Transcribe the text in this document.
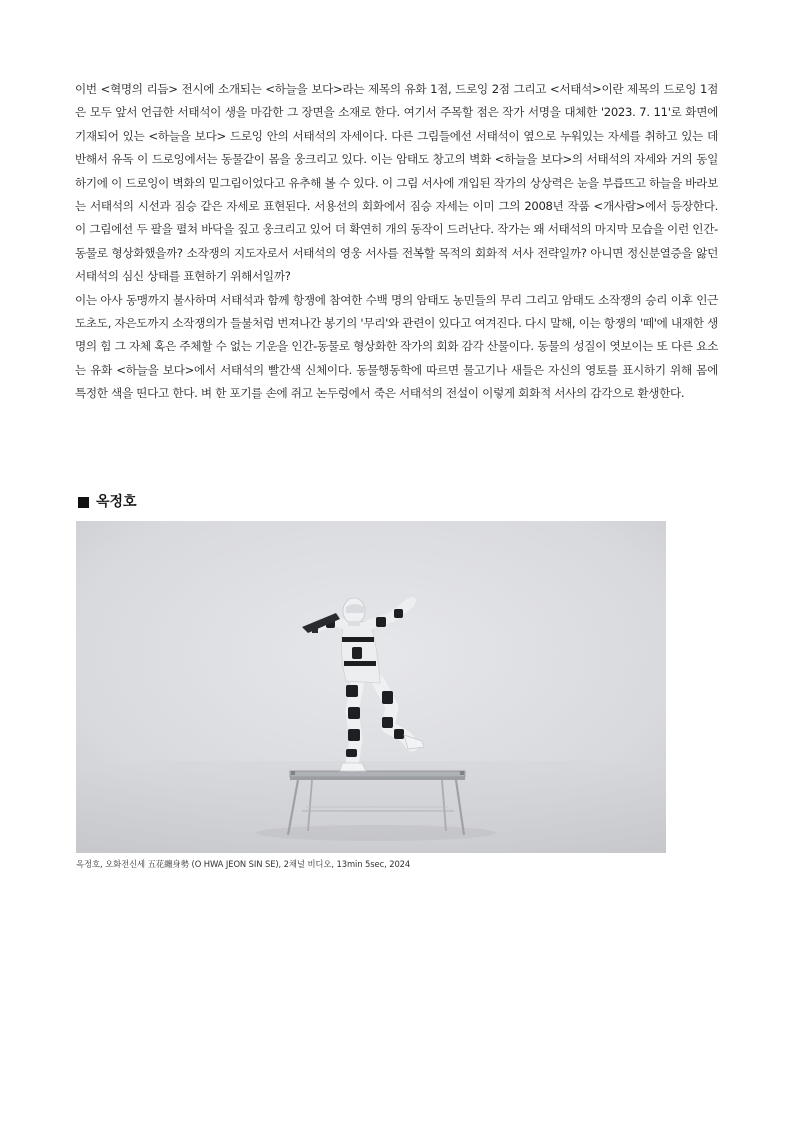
이번 <혁명의 리듬> 전시에 소개되는 <하늘을 보다>라는 제목의 유화 1점, 드로잉 2점 그리고 <서태석>이란 제목의 드로잉 1점은 모두 앞서 언급한 서태석이 생을 마감한 그 장면을 소재로 한다. 여기서 주목할 점은 작가 서명을 대체한 '2023. 7. 11'로 화면에 기재되어 있는 <하늘을 보다> 드로잉 안의 서태석의 자세이다. 다른 그림들에선 서태석이 옆으로 누워있는 자세를 취하고 있는 데 반해서 유독 이 드로잉에서는 동물같이 몸을 웅크리고 있다. 이는 암태도 창고의 벽화 <하늘을 보다>의 서태석의 자세와 거의 동일하기에 이 드로잉이 벽화의 밑그림이었다고 유추해 볼 수 있다. 이 그림 서사에 개입된 작가의 상상력은 눈을 부릅뜨고 하늘을 바라보는 서태석의 시선과 짐승 같은 자세로 표현된다. 서용선의 회화에서 짐승 자세는 이미 그의 2008년 작품 <개사람>에서 등장한다. 이 그림에선 두 팔을 펼쳐 바닥을 짚고 웅크리고 있어 더 확연히 개의 동작이 드러난다. 작가는 왜 서태석의 마지막 모습을 이런 인간-동물로 형상화했을까? 소작쟁의 지도자로서 서태석의 영웅 서사를 전복할 목적의 회화적 서사 전략일까? 아니면 정신분열증을 앓던 서태석의 심신 상태를 표현하기 위해서일까?

이는 아사 동맹까지 불사하며 서태석과 함께 항쟁에 참여한 수백 명의 암태도 농민들의 무리 그리고 암태도 소작쟁의 승리 이후 인근 도초도, 자은도까지 소작쟁의가 들불처럼 번져나간 봉기의 '무리'와 관련이 있다고 여겨진다. 다시 말해, 이는 항쟁의 '떼'에 내재한 생명의 힘 그 자체 혹은 주체할 수 없는 기운을 인간-동물로 형상화한 작가의 회화 감각 산물이다. 동물의 성질이 엿보이는 또 다른 요소는 유화 <하늘을 보다>에서 서태석의 빨간색 신체이다. 동물행동학에 따르면 물고기나 새들은 자신의 영토를 표시하기 위해 몸에 특정한 색을 띤다고 한다. 벼 한 포기를 손에 쥐고 논두렁에서 죽은 서태석의 전설이 이렇게 회화적 서사의 감각으로 환생한다.

옥정호
옥정호, 오화전신세 五花纏身勢 (O HWA JEON SIN SE), 2채널 비디오, 13min 5sec, 2024
